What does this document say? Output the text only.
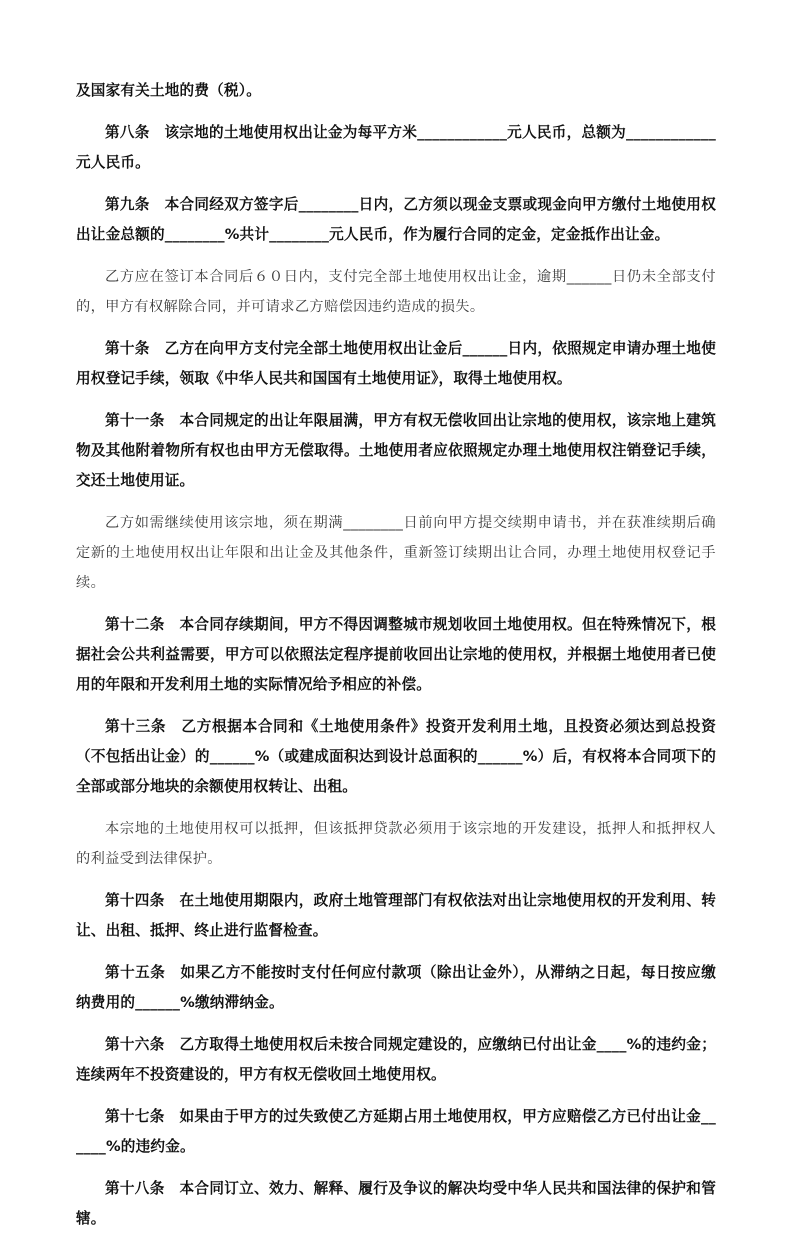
及国家有关土地的费（税）。

第八条　该宗地的土地使用权出让金为每平方米____________元人民币，总额为____________元人民币。

第九条　本合同经双方签字后________日内，乙方须以现金支票或现金向甲方缴付土地使用权出让金总额的________%共计________元人民币，作为履行合同的定金，定金抵作出让金。

乙方应在签订本合同后６０日内，支付完全部土地使用权出让金，逾期______日仍未全部支付的，甲方有权解除合同，并可请求乙方赔偿因违约造成的损失。

第十条　乙方在向甲方支付完全部土地使用权出让金后______日内，依照规定申请办理土地使用权登记手续，领取《中华人民共和国国有土地使用证》，取得土地使用权。

第十一条　本合同规定的出让年限届满，甲方有权无偿收回出让宗地的使用权，该宗地上建筑物及其他附着物所有权也由甲方无偿取得。土地使用者应依照规定办理土地使用权注销登记手续，交还土地使用证。

乙方如需继续使用该宗地，须在期满________日前向甲方提交续期申请书，并在获准续期后确定新的土地使用权出让年限和出让金及其他条件，重新签订续期出让合同，办理土地使用权登记手续。

第十二条　本合同存续期间，甲方不得因调整城市规划收回土地使用权。但在特殊情况下，根据社会公共利益需要，甲方可以依照法定程序提前收回出让宗地的使用权，并根据土地使用者已使用的年限和开发利用土地的实际情况给予相应的补偿。

第十三条　乙方根据本合同和《土地使用条件》投资开发利用土地，且投资必须达到总投资（不包括出让金）的______%（或建成面积达到设计总面积的______%）后，有权将本合同项下的全部或部分地块的余额使用权转让、出租。

本宗地的土地使用权可以抵押，但该抵押贷款必须用于该宗地的开发建设，抵押人和抵押权人的利益受到法律保护。

第十四条　在土地使用期限内，政府土地管理部门有权依法对出让宗地使用权的开发利用、转让、出租、抵押、终止进行监督检查。

第十五条　如果乙方不能按时支付任何应付款项（除出让金外），从滞纳之日起，每日按应缴纳费用的______%缴纳滞纳金。

第十六条　乙方取得土地使用权后未按合同规定建设的，应缴纳已付出让金____%的违约金；连续两年不投资建设的，甲方有权无偿收回土地使用权。

第十七条　如果由于甲方的过失致使乙方延期占用土地使用权，甲方应赔偿乙方已付出让金______%的违约金。

第十八条　本合同订立、效力、解释、履行及争议的解决均受中华人民共和国法律的保护和管辖。
